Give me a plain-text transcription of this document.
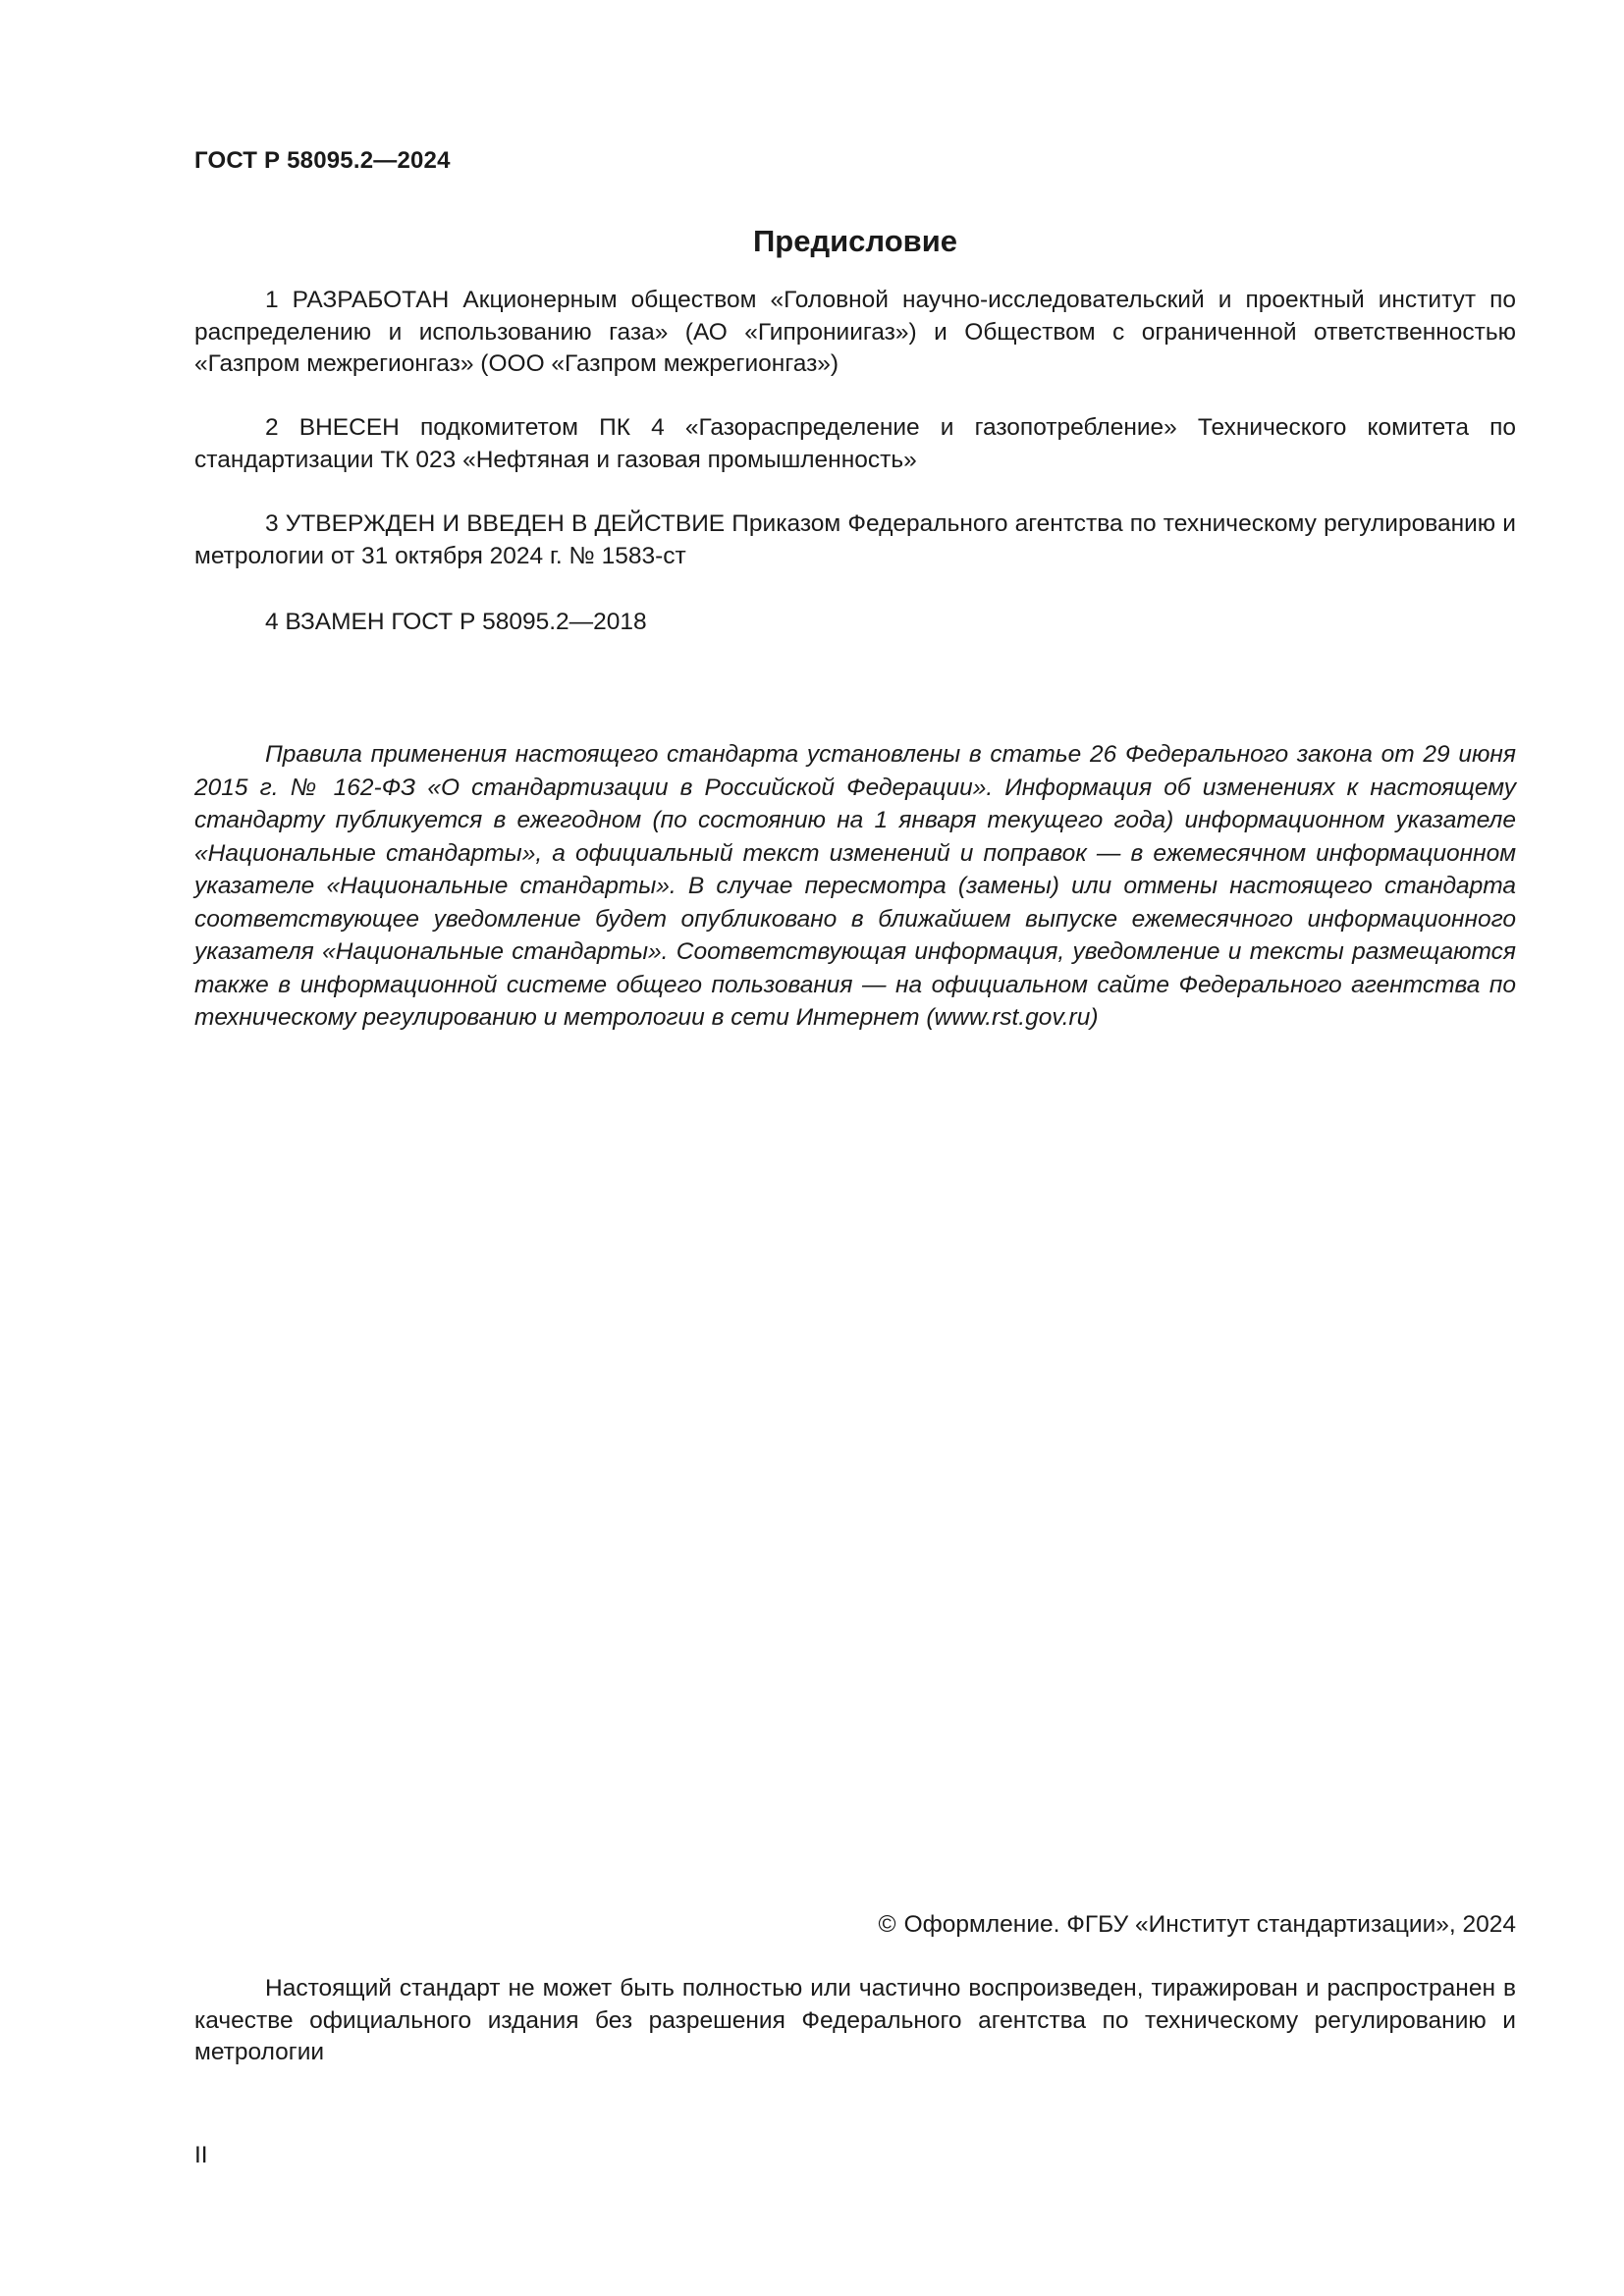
ГОСТ Р 58095.2—2024

Предисловие

1 РАЗРАБОТАН Акционерным обществом «Головной научно-исследовательский и проектный институт по распределению и использованию газа» (АО «Гипрониигаз») и Обществом с ограниченной ответственностью «Газпром межрегионгаз» (ООО «Газпром межрегионгаз»)

2 ВНЕСЕН подкомитетом ПК 4 «Газораспределение и газопотребление» Технического комитета по стандартизации ТК 023 «Нефтяная и газовая промышленность»

3 УТВЕРЖДЕН И ВВЕДЕН В ДЕЙСТВИЕ Приказом Федерального агентства по техническому регулированию и метрологии от 31 октября 2024 г. № 1583-ст

4 ВЗАМЕН ГОСТ Р 58095.2—2018

Правила применения настоящего стандарта установлены в статье 26 Федерального закона от 29 июня 2015 г. № 162-ФЗ «О стандартизации в Российской Федерации». Информация об изменениях к настоящему стандарту публикуется в ежегодном (по состоянию на 1 января текущего года) информационном указателе «Национальные стандарты», а официальный текст изменений и поправок — в ежемесячном информационном указателе «Национальные стандарты». В случае пересмотра (замены) или отмены настоящего стандарта соответствующее уведомление будет опубликовано в ближайшем выпуске ежемесячного информационного указателя «Национальные стандарты». Соответствующая информация, уведомление и тексты размещаются также в информационной системе общего пользования — на официальном сайте Федерального агентства по техническому регулированию и метрологии в сети Интернет (www.rst.gov.ru)

© Оформление. ФГБУ «Институт стандартизации», 2024

Настоящий стандарт не может быть полностью или частично воспроизведен, тиражирован и распространен в качестве официального издания без разрешения Федерального агентства по техническому регулированию и метрологии

II
